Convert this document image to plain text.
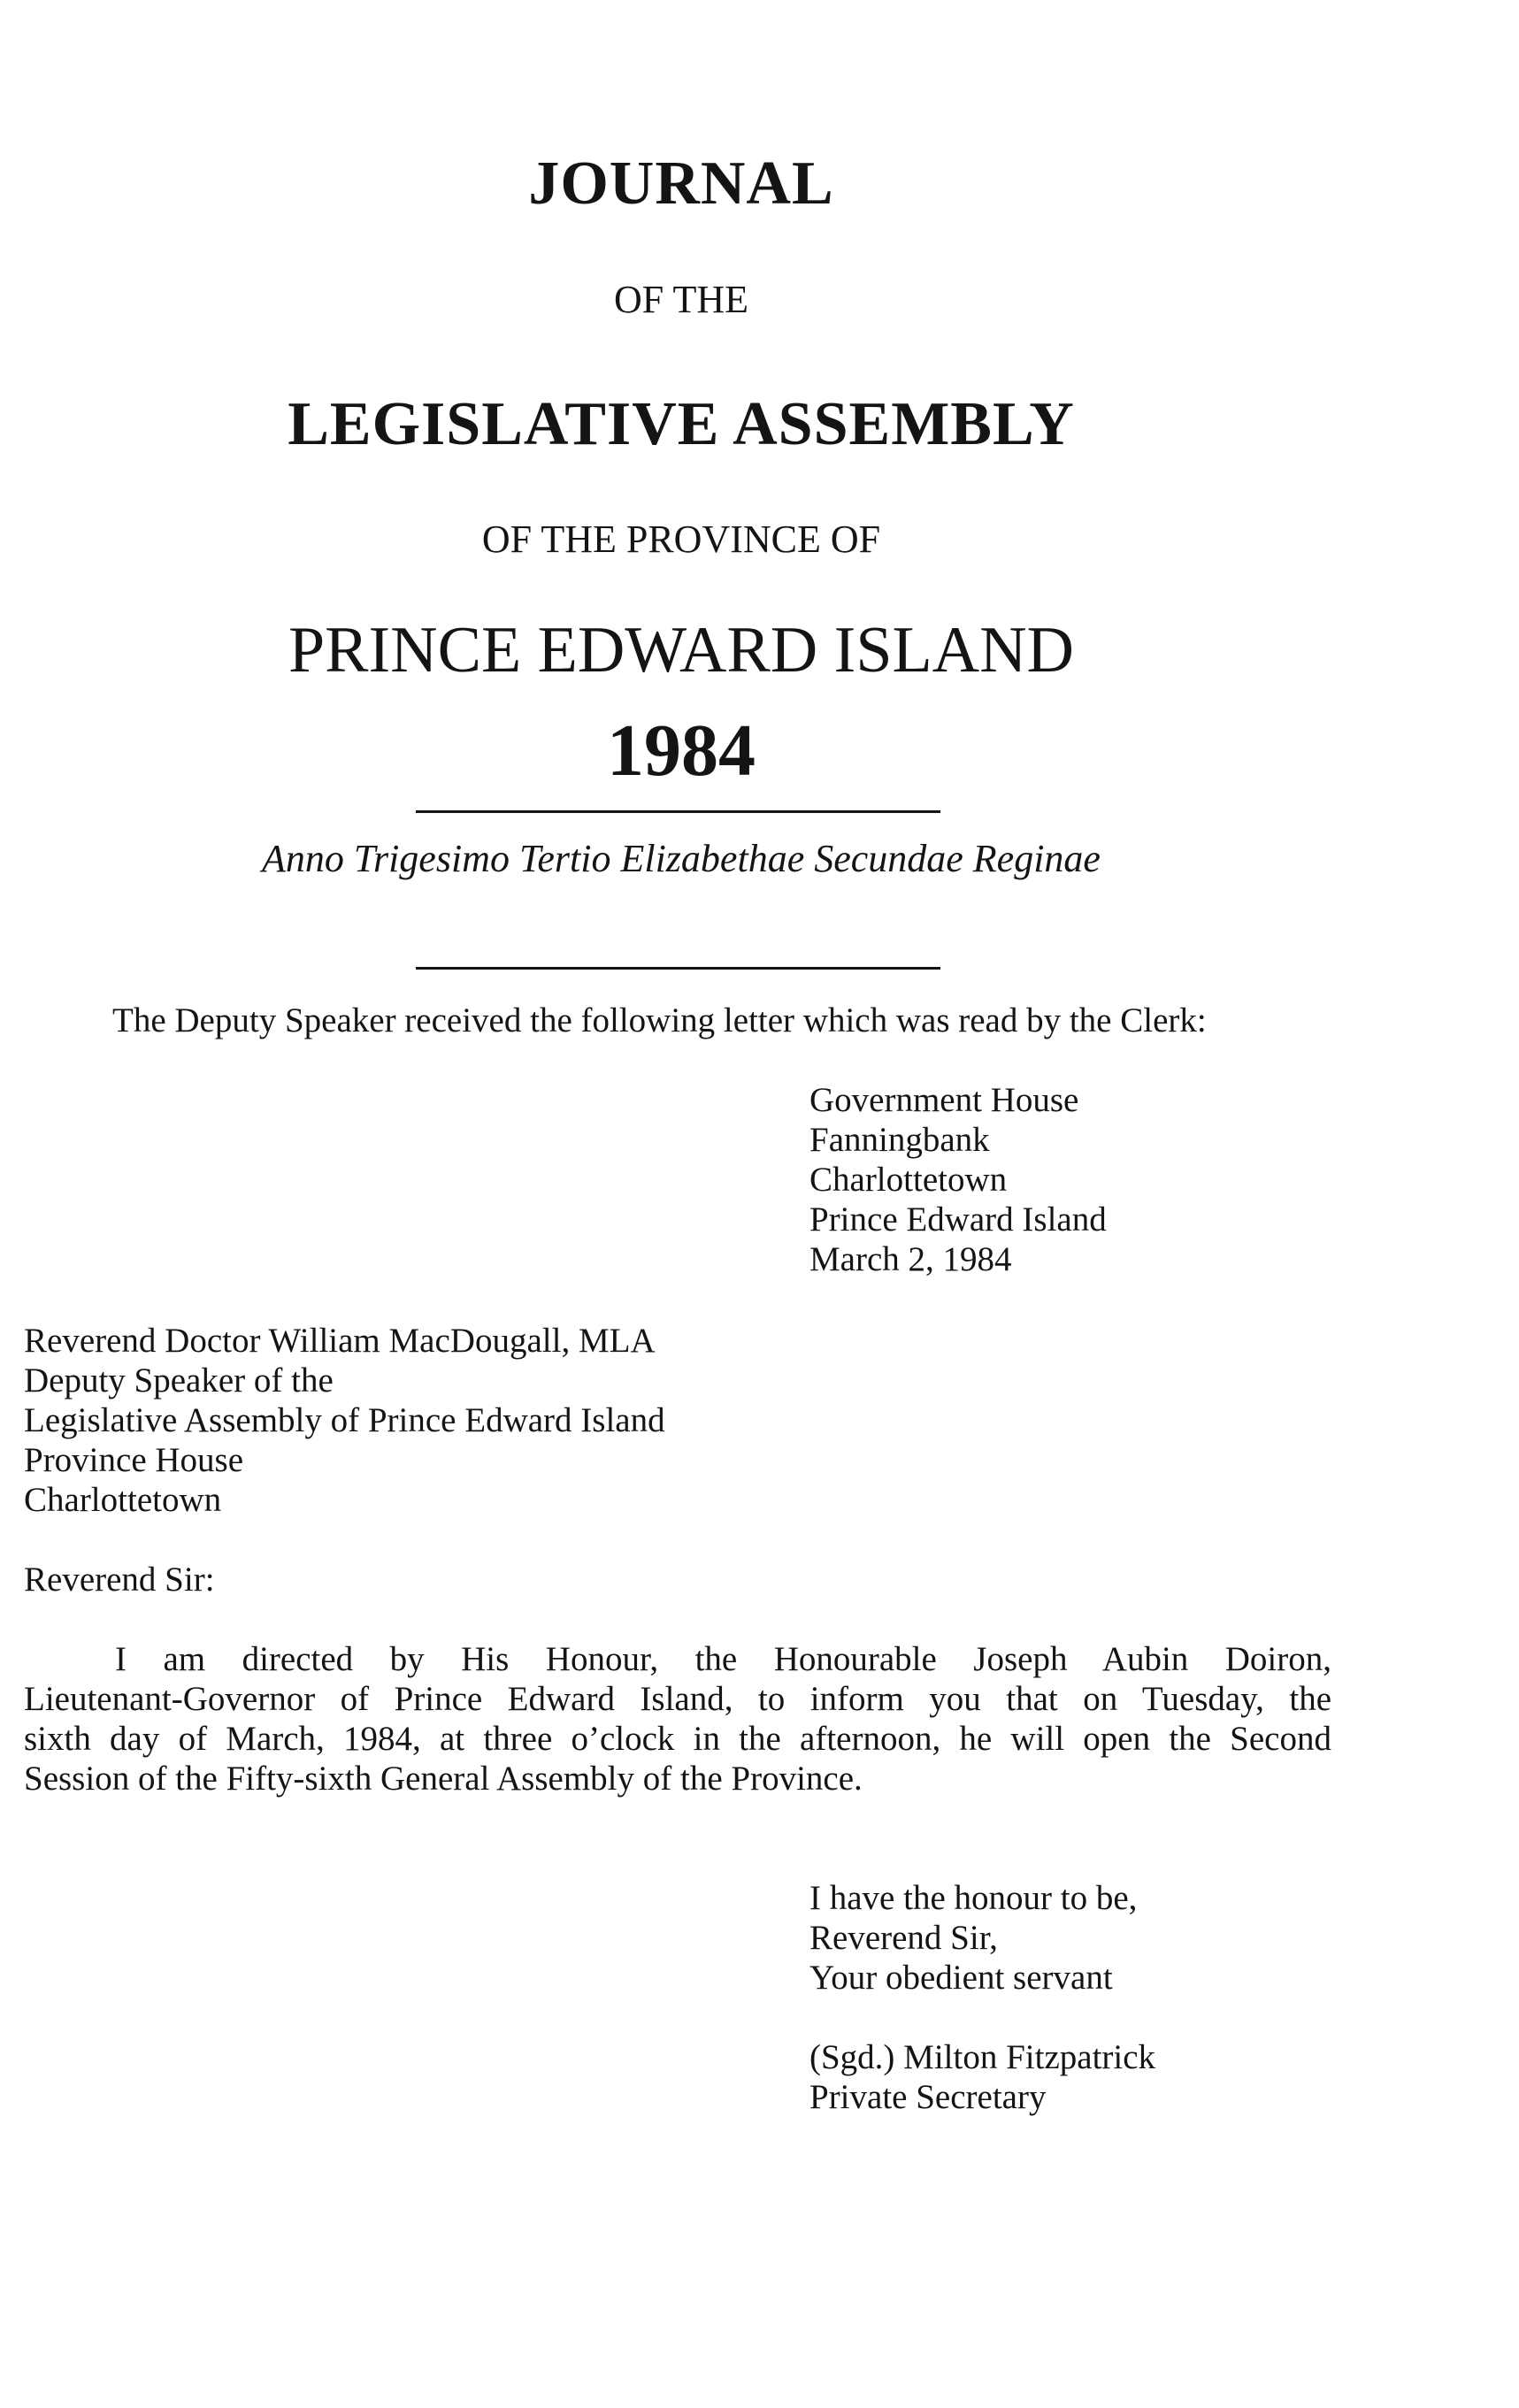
JOURNAL
OF THE
LEGISLATIVE ASSEMBLY
OF THE PROVINCE OF
PRINCE EDWARD ISLAND
1984
Anno Trigesimo Tertio Elizabethae Secundae Reginae
The Deputy Speaker received the following letter which was read by the Clerk:
Government House
Fanningbank
Charlottetown
Prince Edward Island
March 2, 1984
Reverend Doctor William MacDougall, MLA
Deputy Speaker of the
Legislative Assembly of Prince Edward Island
Province House
Charlottetown
Reverend Sir:
I am directed by His Honour, the Honourable Joseph Aubin Doiron,
Lieutenant-Governor of Prince Edward Island, to inform you that on Tuesday, the
sixth day of March, 1984, at three o’clock in the afternoon, he will open the Second
Session of the Fifty-sixth General Assembly of the Province.
I have the honour to be,
Reverend Sir,
Your obedient servant
(Sgd.) Milton Fitzpatrick
Private Secretary
